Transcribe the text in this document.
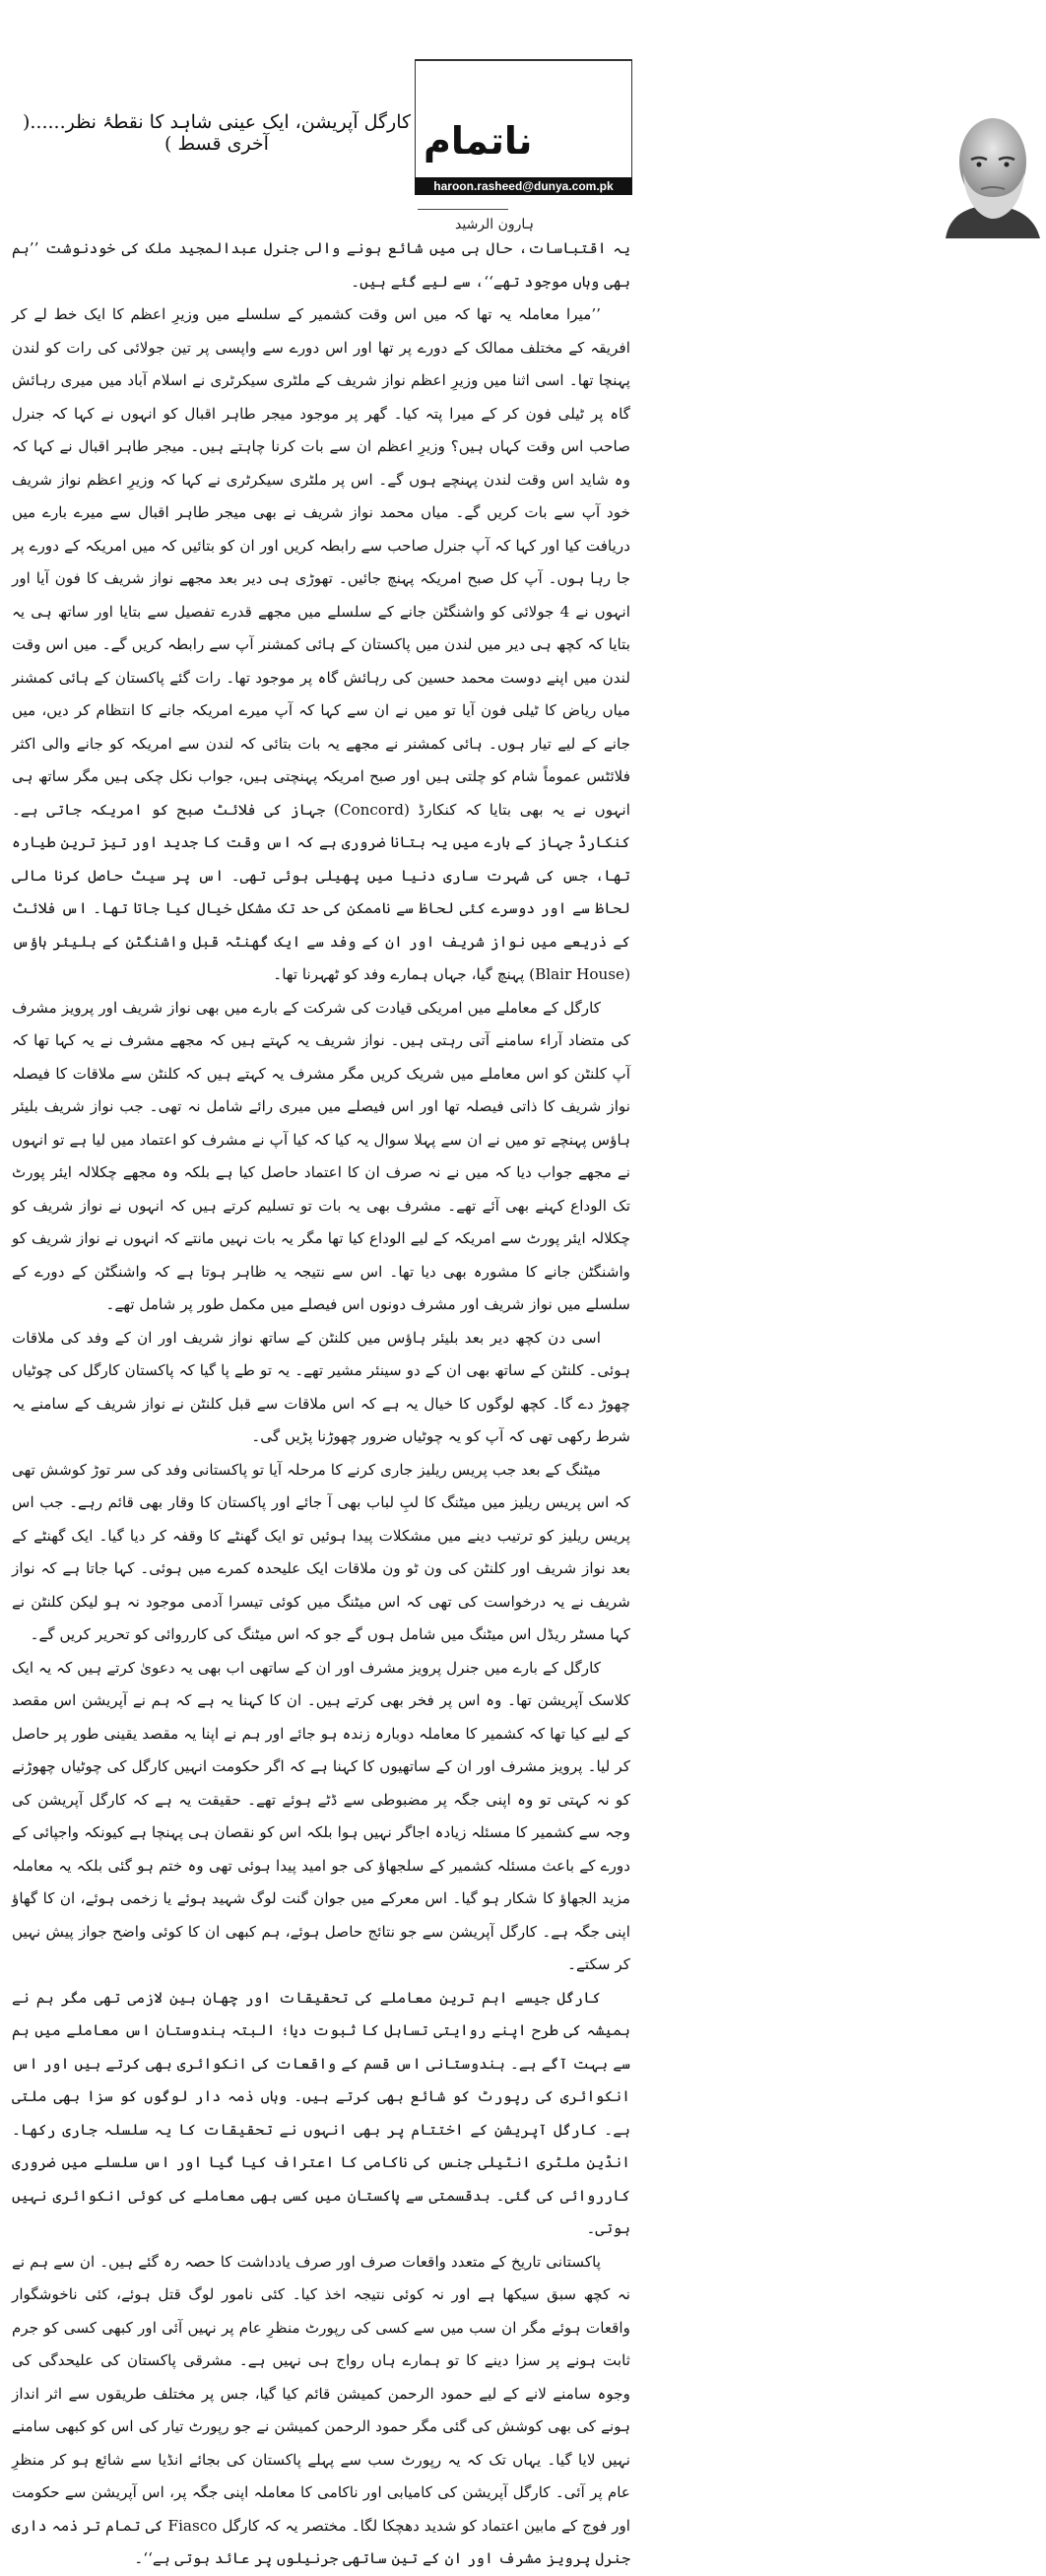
کارگل آپریشن، ایک عینی شاہد کا نقطۂ نظر......( آخری قسط )	ناتمام
ہارون الرشید
haroon.rasheed@dunya.com.pk

یہ اقتباسات، حال ہی میں شائع ہونے والی جنرل عبدالمجید ملک کی خودنوشت ’’ہم بھی وہاں موجود تھے‘‘، سے لیے گئے ہیں۔

’’میرا معاملہ یہ تھا کہ میں اس وقت کشمیر کے سلسلے میں وزیرِ اعظم کا ایک خط لے کر افریقہ کے مختلف ممالک کے دورے پر تھا اور اس دورے سے واپسی پر تین جولائی کی رات کو لندن پہنچا تھا۔ اسی اثنا میں وزیرِ اعظم نواز شریف کے ملٹری سیکرٹری نے اسلام آباد میں میری رہائش گاہ پر ٹیلی فون کر کے میرا پتہ کیا۔ گھر پر موجود میجر طاہر اقبال کو انہوں نے کہا کہ جنرل صاحب اس وقت کہاں ہیں؟ وزیرِ اعظم ان سے بات کرنا چاہتے ہیں۔ میجر طاہر اقبال نے کہا کہ وہ شاید اس وقت لندن پہنچے ہوں گے۔ اس پر ملٹری سیکرٹری نے کہا کہ وزیرِ اعظم نواز شریف خود آپ سے بات کریں گے۔ میاں محمد نواز شریف نے بھی میجر طاہر اقبال سے میرے بارے میں دریافت کیا اور کہا کہ آپ جنرل صاحب سے رابطہ کریں اور ان کو بتائیں کہ میں امریکہ کے دورے پر جا رہا ہوں۔ آپ کل صبح امریکہ پہنچ جائیں۔ تھوڑی ہی دیر بعد مجھے نواز شریف کا فون آیا اور انہوں نے 4 جولائی کو واشنگٹن جانے کے سلسلے میں مجھے قدرے تفصیل سے بتایا اور ساتھ ہی یہ بتایا کہ کچھ ہی دیر میں لندن میں پاکستان کے ہائی کمشنر آپ سے رابطہ کریں گے۔ میں اس وقت لندن میں اپنے دوست محمد حسین کی رہائش گاہ پر موجود تھا۔ رات گئے پاکستان کے ہائی کمشنر میاں ریاض کا ٹیلی فون آیا تو میں نے ان سے کہا کہ آپ میرے امریکہ جانے کا انتظام کر دیں، میں جانے کے لیے تیار ہوں۔ ہائی کمشنر نے مجھے یہ بات بتائی کہ لندن سے امریکہ کو جانے والی اکثر فلائٹس عموماً شام کو چلتی ہیں اور صبح امریکہ پہنچتی ہیں، جواب نکل چکی ہیں مگر ساتھ ہی انہوں نے یہ بھی بتایا کہ کنکارڈ (Concord) جہاز کی فلائٹ صبح کو امریکہ جاتی ہے۔ کنکارڈ جہاز کے بارے میں یہ بتانا ضروری ہے کہ اس وقت کا جدید اور تیز ترین طیارہ تھا، جس کی شہرت ساری دنیا میں پھیلی ہوئی تھی۔ اس پر سیٹ حاصل کرنا مالی لحاظ سے اور دوسرے کئی لحاظ سے ناممکن کی حد تک مشکل خیال کیا جاتا تھا۔ اس فلائٹ کے ذریعے میں نواز شریف اور ان کے وفد سے ایک گھنٹہ قبل واشنگٹن کے بلیئر ہاؤس (Blair House) پہنچ گیا، جہاں ہمارے وفد کو ٹھہرنا تھا۔

کارگل کے معاملے میں امریکی قیادت کی شرکت کے بارے میں بھی نواز شریف اور پرویز مشرف کی متضاد آراء سامنے آتی رہتی ہیں۔ نواز شریف یہ کہتے ہیں کہ مجھے مشرف نے یہ کہا تھا کہ آپ کلنٹن کو اس معاملے میں شریک کریں مگر مشرف یہ کہتے ہیں کہ کلنٹن سے ملاقات کا فیصلہ نواز شریف کا ذاتی فیصلہ تھا اور اس فیصلے میں میری رائے شامل نہ تھی۔ جب نواز شریف بلیئر ہاؤس پہنچے تو میں نے ان سے پہلا سوال یہ کیا کہ کیا آپ نے مشرف کو اعتماد میں لیا ہے تو انہوں نے مجھے جواب دیا کہ میں نے نہ صرف ان کا اعتماد حاصل کیا ہے بلکہ وہ مجھے چکلالہ ایئر پورٹ تک الوداع کہنے بھی آئے تھے۔ مشرف بھی یہ بات تو تسلیم کرتے ہیں کہ انہوں نے نواز شریف کو چکلالہ ایئر پورٹ سے امریکہ کے لیے الوداع کیا تھا مگر یہ بات نہیں مانتے کہ انہوں نے نواز شریف کو واشنگٹن جانے کا مشورہ بھی دیا تھا۔ اس سے نتیجہ یہ ظاہر ہوتا ہے کہ واشنگٹن کے دورے کے سلسلے میں نواز شریف اور مشرف دونوں اس فیصلے میں مکمل طور پر شامل تھے۔

اسی دن کچھ دیر بعد بلیئر ہاؤس میں کلنٹن کے ساتھ نواز شریف اور ان کے وفد کی ملاقات ہوئی۔ کلنٹن کے ساتھ بھی ان کے دو سینئر مشیر تھے۔ یہ تو طے پا گیا کہ پاکستان کارگل کی چوٹیاں چھوڑ دے گا۔ کچھ لوگوں کا خیال یہ ہے کہ اس ملاقات سے قبل کلنٹن نے نواز شریف کے سامنے یہ شرط رکھی تھی کہ آپ کو یہ چوٹیاں ضرور چھوڑنا پڑیں گی۔

میٹنگ کے بعد جب پریس ریلیز جاری کرنے کا مرحلہ آیا تو پاکستانی وفد کی سر توڑ کوشش تھی کہ اس پریس ریلیز میں میٹنگ کا لبِ لباب بھی آ جائے اور پاکستان کا وقار بھی قائم رہے۔ جب اس پریس ریلیز کو ترتیب دینے میں مشکلات پیدا ہوئیں تو ایک گھنٹے کا وقفہ کر دیا گیا۔ ایک گھنٹے کے بعد نواز شریف اور کلنٹن کی ون ٹو ون ملاقات ایک علیحدہ کمرے میں ہوئی۔ کہا جاتا ہے کہ نواز شریف نے یہ درخواست کی تھی کہ اس میٹنگ میں کوئی تیسرا آدمی موجود نہ ہو لیکن کلنٹن نے کہا مسٹر ریڈل اس میٹنگ میں شامل ہوں گے جو کہ اس میٹنگ کی کارروائی کو تحریر کریں گے۔

کارگل کے بارے میں جنرل پرویز مشرف اور ان کے ساتھی اب بھی یہ دعویٰ کرتے ہیں کہ یہ ایک کلاسک آپریشن تھا۔ وہ اس پر فخر بھی کرتے ہیں۔ ان کا کہنا یہ ہے کہ ہم نے آپریشن اس مقصد کے لیے کیا تھا کہ کشمیر کا معاملہ دوبارہ زندہ ہو جائے اور ہم نے اپنا یہ مقصد یقینی طور پر حاصل کر لیا۔ پرویز مشرف اور ان کے ساتھیوں کا کہنا ہے کہ اگر حکومت انہیں کارگل کی چوٹیاں چھوڑنے کو نہ کہتی تو وہ اپنی جگہ پر مضبوطی سے ڈٹے ہوئے تھے۔ حقیقت یہ ہے کہ کارگل آپریشن کی وجہ سے کشمیر کا مسئلہ زیادہ اجاگر نہیں ہوا بلکہ اس کو نقصان ہی پہنچا ہے کیونکہ واجپائی کے دورے کے باعث مسئلہ کشمیر کے سلجھاؤ کی جو امید پیدا ہوئی تھی وہ ختم ہو گئی بلکہ یہ معاملہ مزید الجھاؤ کا شکار ہو گیا۔ اس معرکے میں جوان گنت لوگ شہید ہوئے یا زخمی ہوئے، ان کا گھاؤ اپنی جگہ ہے۔ کارگل آپریشن سے جو نتائج حاصل ہوئے، ہم کبھی ان کا کوئی واضح جواز پیش نہیں کر سکتے۔

کارگل جیسے اہم ترین معاملے کی تحقیقات اور چھان بین لازمی تھی مگر ہم نے ہمیشہ کی طرح اپنے روایتی تساہل کا ثبوت دیا؛ البتہ ہندوستان اس معاملے میں ہم سے بہت آگے ہے۔ ہندوستانی اس قسم کے واقعات کی انکوائری بھی کرتے ہیں اور اس انکوائری کی رپورٹ کو شائع بھی کرتے ہیں۔ وہاں ذمہ دار لوگوں کو سزا بھی ملتی ہے۔ کارگل آپریشن کے اختتام پر بھی انہوں نے تحقیقات کا یہ سلسلہ جاری رکھا۔ انڈین ملٹری انٹیلی جنس کی ناکامی کا اعتراف کیا گیا اور اس سلسلے میں ضروری کارروائی کی گئی۔ بدقسمتی سے پاکستان میں کسی بھی معاملے کی کوئی انکوائری نہیں ہوتی۔

پاکستانی تاریخ کے متعدد واقعات صرف اور صرف یادداشت کا حصہ رہ گئے ہیں۔ ان سے ہم نے نہ کچھ سبق سیکھا ہے اور نہ کوئی نتیجہ اخذ کیا۔ کئی نامور لوگ قتل ہوئے، کئی ناخوشگوار واقعات ہوئے مگر ان سب میں سے کسی کی رپورٹ منظرِ عام پر نہیں آئی اور کبھی کسی کو جرم ثابت ہونے پر سزا دینے کا تو ہمارے ہاں رواج ہی نہیں ہے۔ مشرقی پاکستان کی علیحدگی کی وجوہ سامنے لانے کے لیے حمود الرحمن کمیشن قائم کیا گیا، جس پر مختلف طریقوں سے اثر انداز ہونے کی بھی کوشش کی گئی مگر حمود الرحمن کمیشن نے جو رپورٹ تیار کی اس کو کبھی سامنے نہیں لایا گیا۔ یہاں تک کہ یہ رپورٹ سب سے پہلے پاکستان کی بجائے انڈیا سے شائع ہو کر منظرِ عام پر آئی۔ کارگل آپریشن کی کامیابی اور ناکامی کا معاملہ اپنی جگہ پر، اس آپریشن سے حکومت اور فوج کے مابین اعتماد کو شدید دھچکا لگا۔ مختصر یہ کہ کارگل Fiasco کی تمام تر ذمہ داری جنرل پرویز مشرف اور ان کے تین ساتھی جرنیلوں پر عائد ہوتی ہے‘‘۔
